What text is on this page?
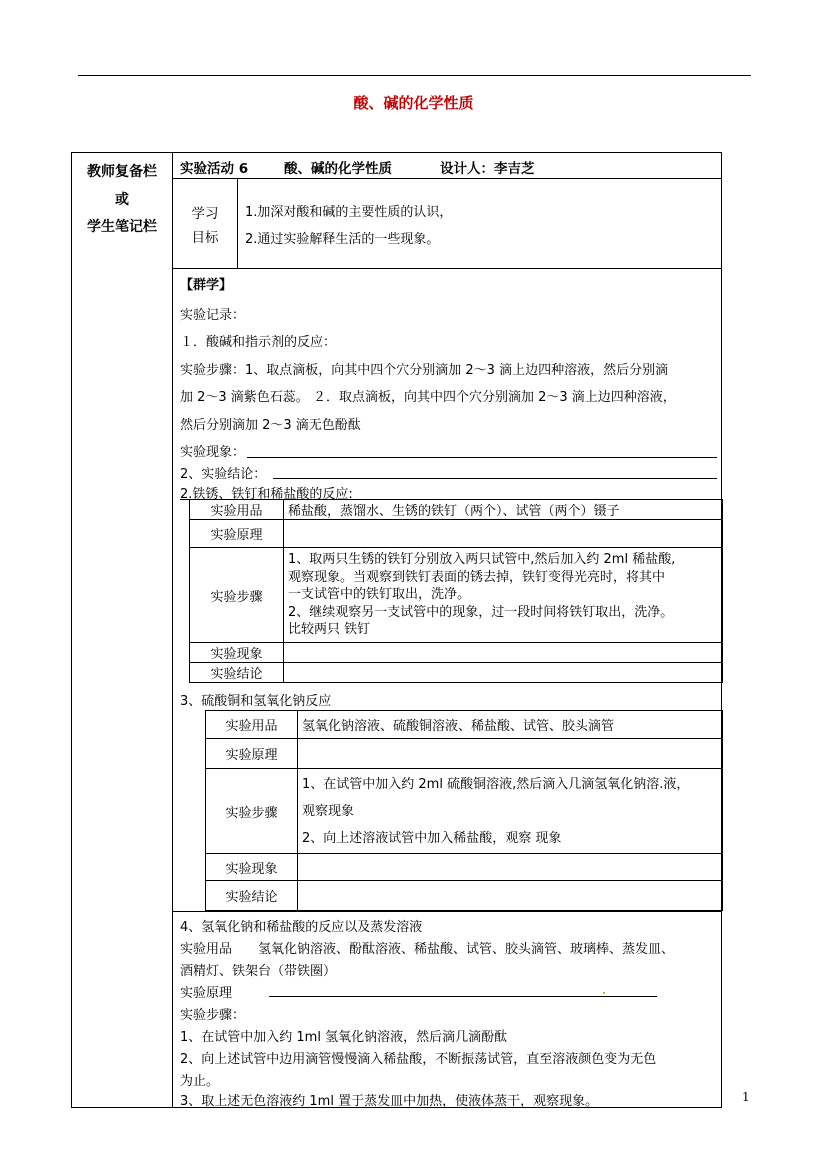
酸、碱的化学性质
教师复备栏
或
学生笔记栏
实验活动 6	酸、碱的化学性质	设计人：李吉芝
学习
目标
1.加深对酸和碱的主要性质的认识，
2.通过实验解释生活的一些现象。
【群学】
实验记录：
１．酸碱和指示剂的反应：
实验步骤：1、取点滴板，向其中四个穴分别滴加 2～3 滴上边四种溶液，然后分别滴
加 2～3 滴紫色石蕊。 ２．取点滴板，向其中四个穴分别滴加 2～3 滴上边四种溶液，
然后分别滴加 2～3 滴无色酚酞
实验现象：
2、实验结论：
2.铁锈、铁钉和稀盐酸的反应:
实验用品	稀盐酸，蒸馏水、生锈的铁钉（两个）、试管（两个）镊子
实验原理	
实验步骤	1、取两只生锈的铁钉分别放入两只试管中,然后加入约 2ml 稀盐酸,
观察现象。当观察到铁钉表面的锈去掉，铁钉变得光亮时，将其中
一支试管中的铁钉取出，洗净。
2、继续观察另一支试管中的现象，过一段时间将铁钉取出，洗净。
比较两只 铁钉

实验现象	
实验结论	
3、硫酸铜和氢氧化钠反应
实验用品	氢氧化钠溶液、硫酸铜溶液、稀盐酸、试管、胶头滴管
实验原理	
实验步骤	1、在试管中加入约 2ml 硫酸铜溶液,然后滴入几滴氢氧化钠溶.液，
观察现象
2、向上述溶液试管中加入稀盐酸，观察 现象

实验现象	
实验结论	
4、氢氧化钠和稀盐酸的反应以及蒸发溶液
实验用品　　氢氧化钠溶液、酚酞溶液、稀盐酸、试管、胶头滴管、玻璃棒、蒸发皿、
酒精灯、铁架台（带铁圈）
实验原理
实验步骤：
1、在试管中加入约 1ml 氢氧化钠溶液，然后滴几滴酚酞
2、向上述试管中边用滴管慢慢滴入稀盐酸，不断振荡试管，直至溶液颜色变为无色
为止。
3、取上述无色溶液约 1ml 置于蒸发皿中加热，使液体蒸干，观察现象。	1
